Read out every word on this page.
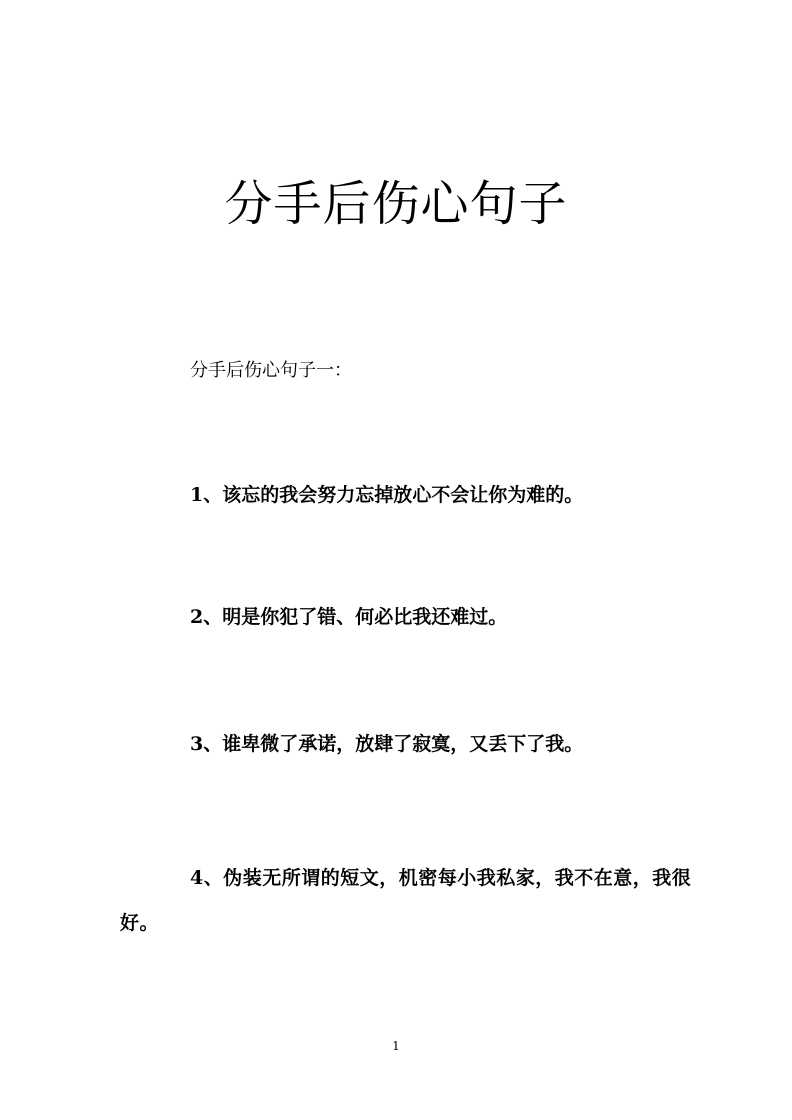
分手后伤心句子
分手后伤心句子一：
1、该忘的我会努力忘掉放心不会让你为难的。
2、明是你犯了错、何必比我还难过。
3、谁卑微了承诺，放肆了寂寞，又丢下了我。
4、伪装无所谓的短文，机密每小我私家，我不在意，我很好。
1
